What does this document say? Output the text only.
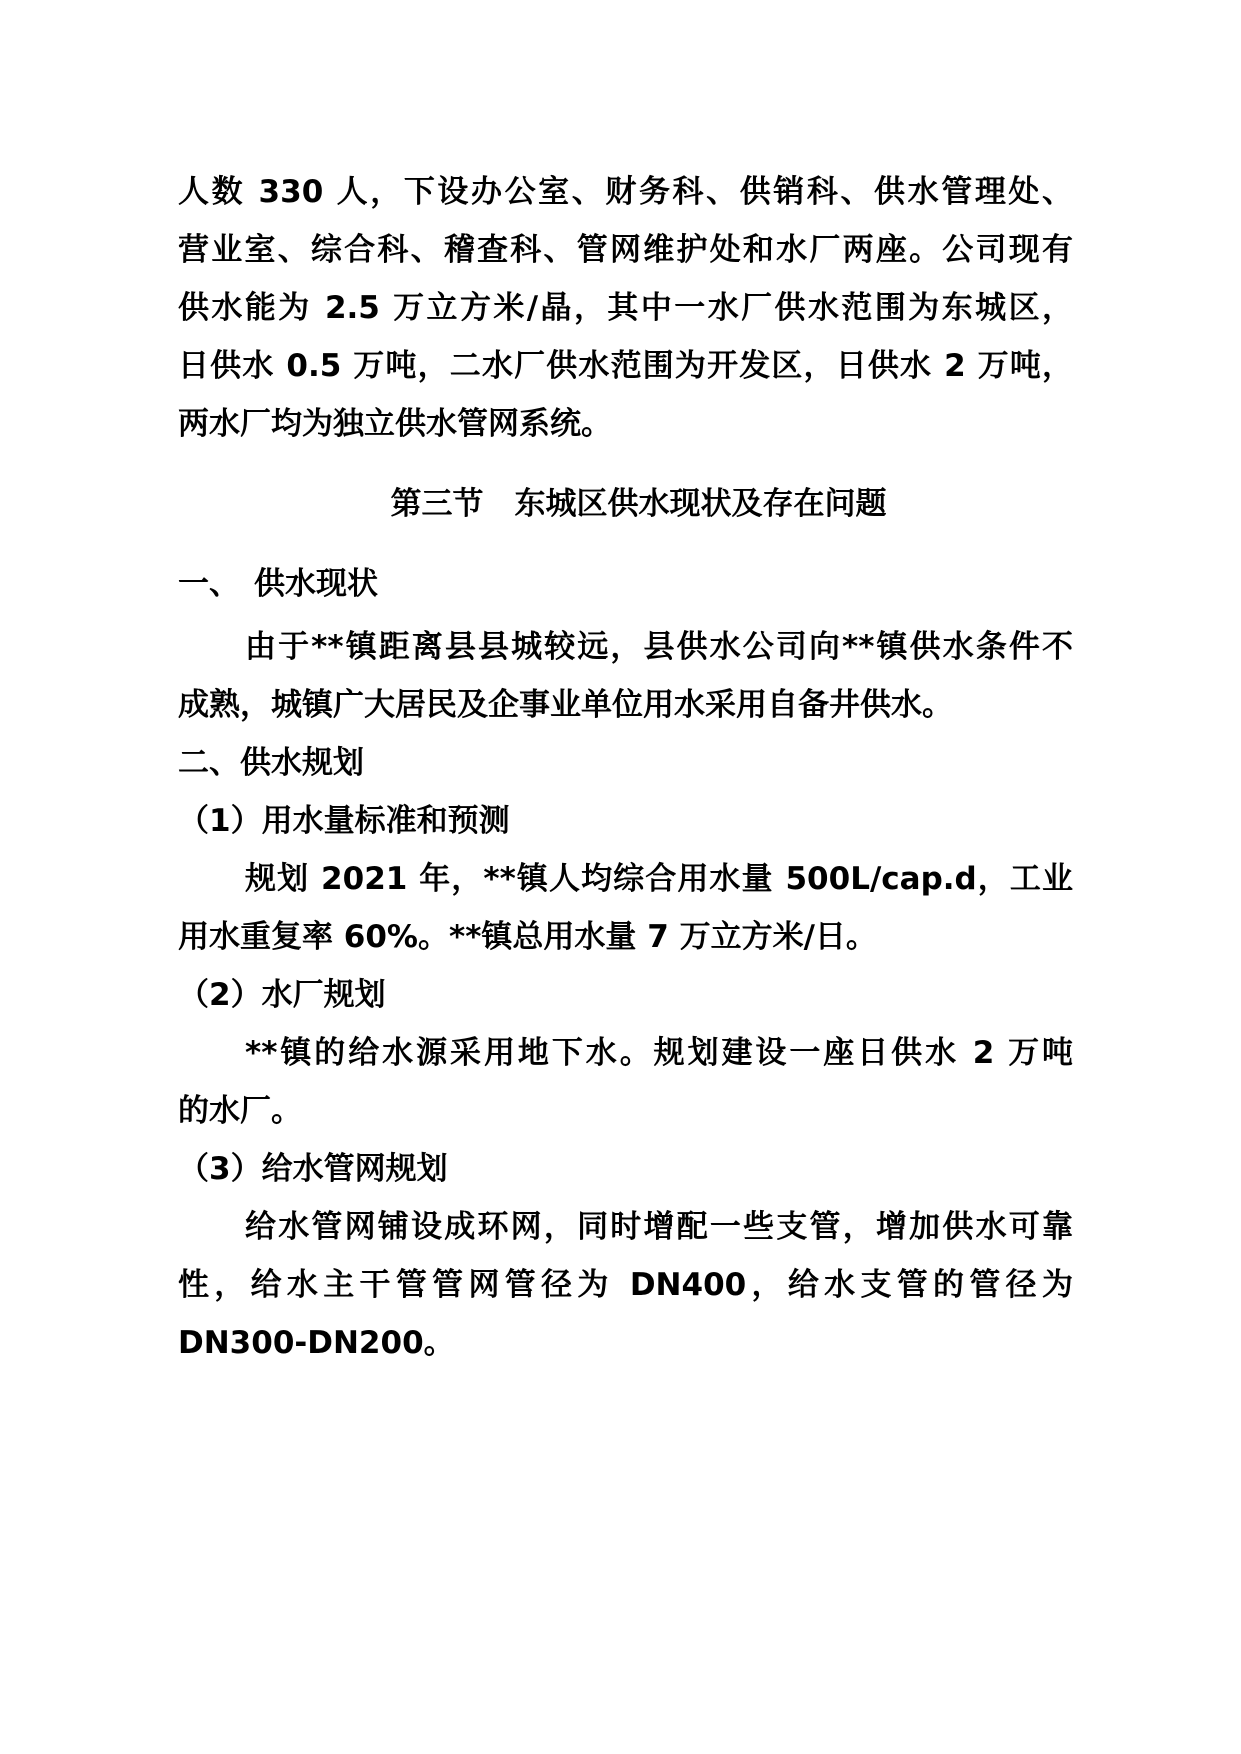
人数 330 人，下设办公室、财务科、供销科、供水管理处、
营业室、综合科、稽查科、管网维护处和水厂两座。公司现有
供水能为 2.5 万立方米/晶，其中一水厂供水范围为东城区，
日供水 0.5 万吨，二水厂供水范围为开发区，日供水 2 万吨，
两水厂均为独立供水管网系统。
第三节　东城区供水现状及存在问题
一、 供水现状
由于**镇距离县县城较远，县供水公司向**镇供水条件不
成熟，城镇广大居民及企事业单位用水采用自备井供水。
二、供水规划
（1）用水量标准和预测
规划 2021 年，**镇人均综合用水量 500L/cap.d，工业
用水重复率 60%。**镇总用水量 7 万立方米/日。
（2）水厂规划
**镇的给水源采用地下水。规划建设一座日供水 2 万吨
的水厂。
（3）给水管网规划
给水管网铺设成环网，同时增配一些支管，增加供水可靠
性，给水主干管管网管径为 DN400，给水支管的管径为
DN300-DN200。
